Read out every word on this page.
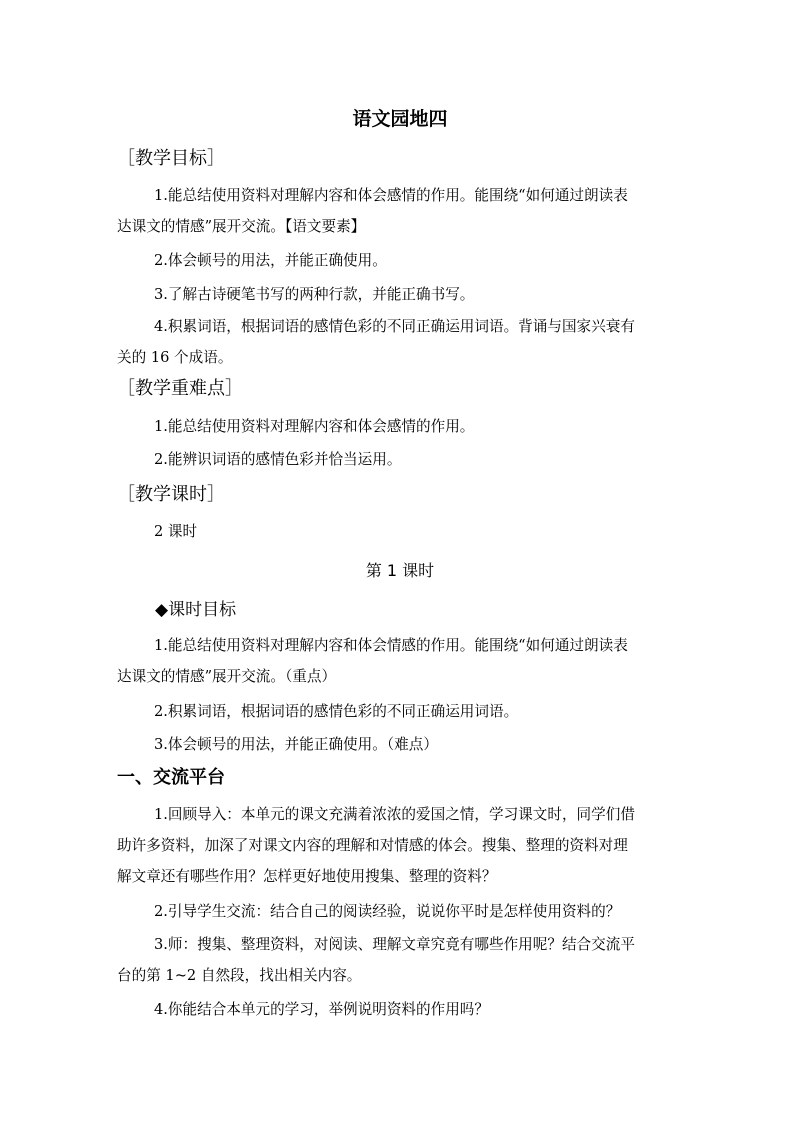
语文园地四
［教学目标］
1.能总结使用资料对理解内容和体会感情的作用。能围绕“如何通过朗读表
达课文的情感”展开交流。【语文要素】
2.体会顿号的用法，并能正确使用。
3.了解古诗硬笔书写的两种行款，并能正确书写。
4.积累词语，根据词语的感情色彩的不同正确运用词语。背诵与国家兴衰有
关的 16 个成语。
［教学重难点］
1.能总结使用资料对理解内容和体会感情的作用。
2.能辨识词语的感情色彩并恰当运用。
［教学课时］
2 课时
第 1 课时
◆课时目标
1.能总结使用资料对理解内容和体会情感的作用。能围绕“如何通过朗读表
达课文的情感”展开交流。（重点）
2.积累词语，根据词语的感情色彩的不同正确运用词语。
3.体会顿号的用法，并能正确使用。（难点）
一、交流平台
1.回顾导入：本单元的课文充满着浓浓的爱国之情，学习课文时，同学们借
助许多资料，加深了对课文内容的理解和对情感的体会。搜集、整理的资料对理
解文章还有哪些作用？怎样更好地使用搜集、整理的资料？
2.引导学生交流：结合自己的阅读经验，说说你平时是怎样使用资料的？
3.师：搜集、整理资料，对阅读、理解文章究竟有哪些作用呢？结合交流平
台的第 1~2 自然段，找出相关内容。
4.你能结合本单元的学习，举例说明资料的作用吗？
